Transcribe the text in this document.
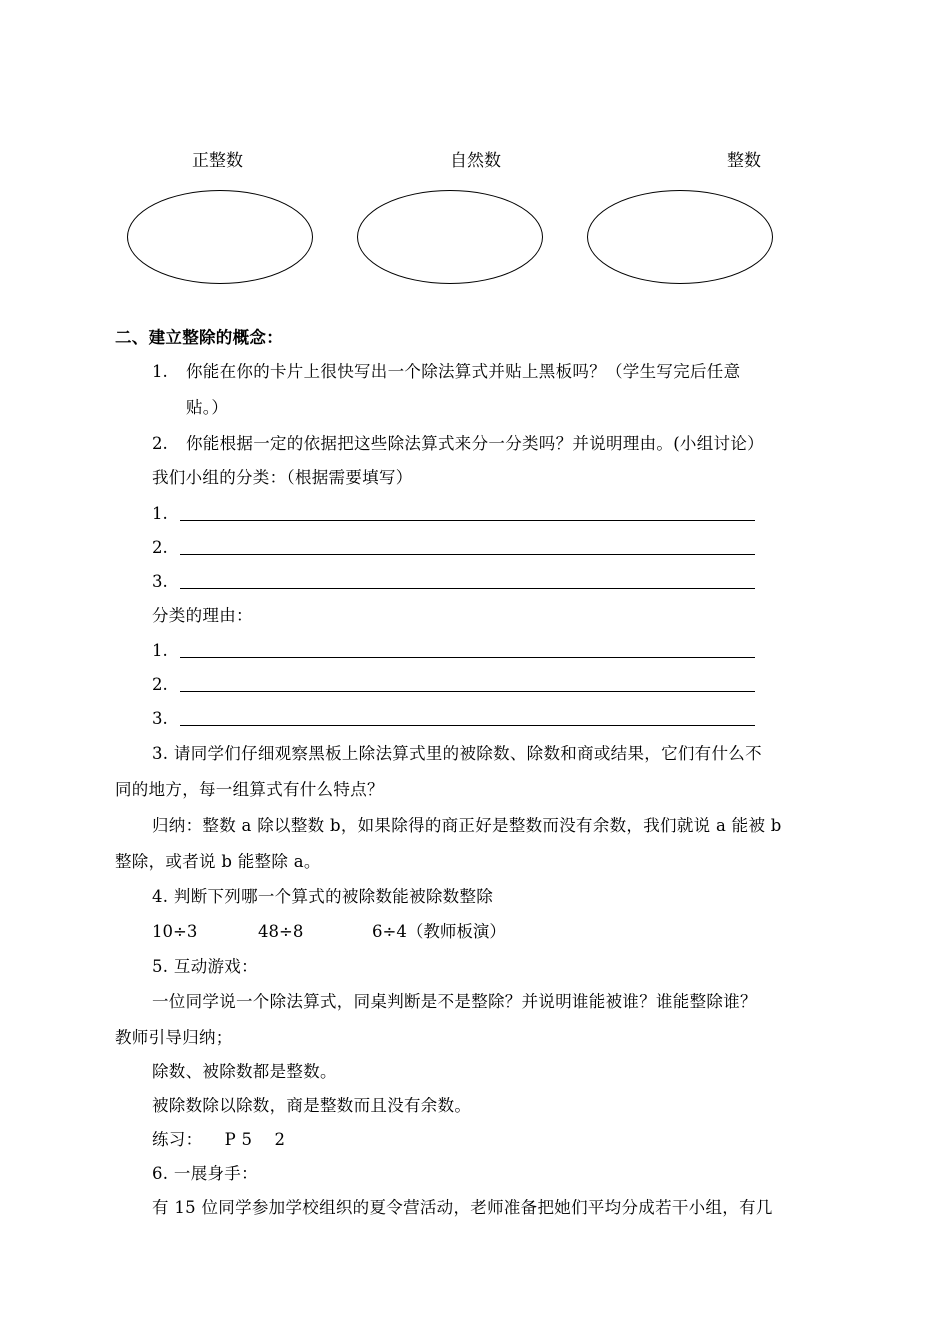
正整数	自然数	整数
二、建立整除的概念：
1. 你能在你的卡片上很快写出一个除法算式并贴上黑板吗？（学生写完后任意
贴。）
2. 你能根据一定的依据把这些除法算式来分一分类吗？并说明理由。(小组讨论）
我们小组的分类：（根据需要填写）
1.
2.
3.
分类的理由：
1.
2.
3.
3. 请同学们仔细观察黑板上除法算式里的被除数、除数和商或结果，它们有什么不
同的地方，每一组算式有什么特点？
归纳：整数 a 除以整数 b，如果除得的商正好是整数而没有余数，我们就说 a 能被 b
整除，或者说 b 能整除 a。
4. 判断下列哪一个算式的被除数能被除数整除
10÷3	48÷8	6÷4（教师板演）
5. 互动游戏：
一位同学说一个除法算式，同桌判断是不是整除？并说明谁能被谁？谁能整除谁？
教师引导归纳；
除数、被除数都是整数。
被除数除以除数，商是整数而且没有余数。
练习：    P 5    2
6. 一展身手：
有 15 位同学参加学校组织的夏令营活动，老师准备把她们平均分成若干小组，有几
